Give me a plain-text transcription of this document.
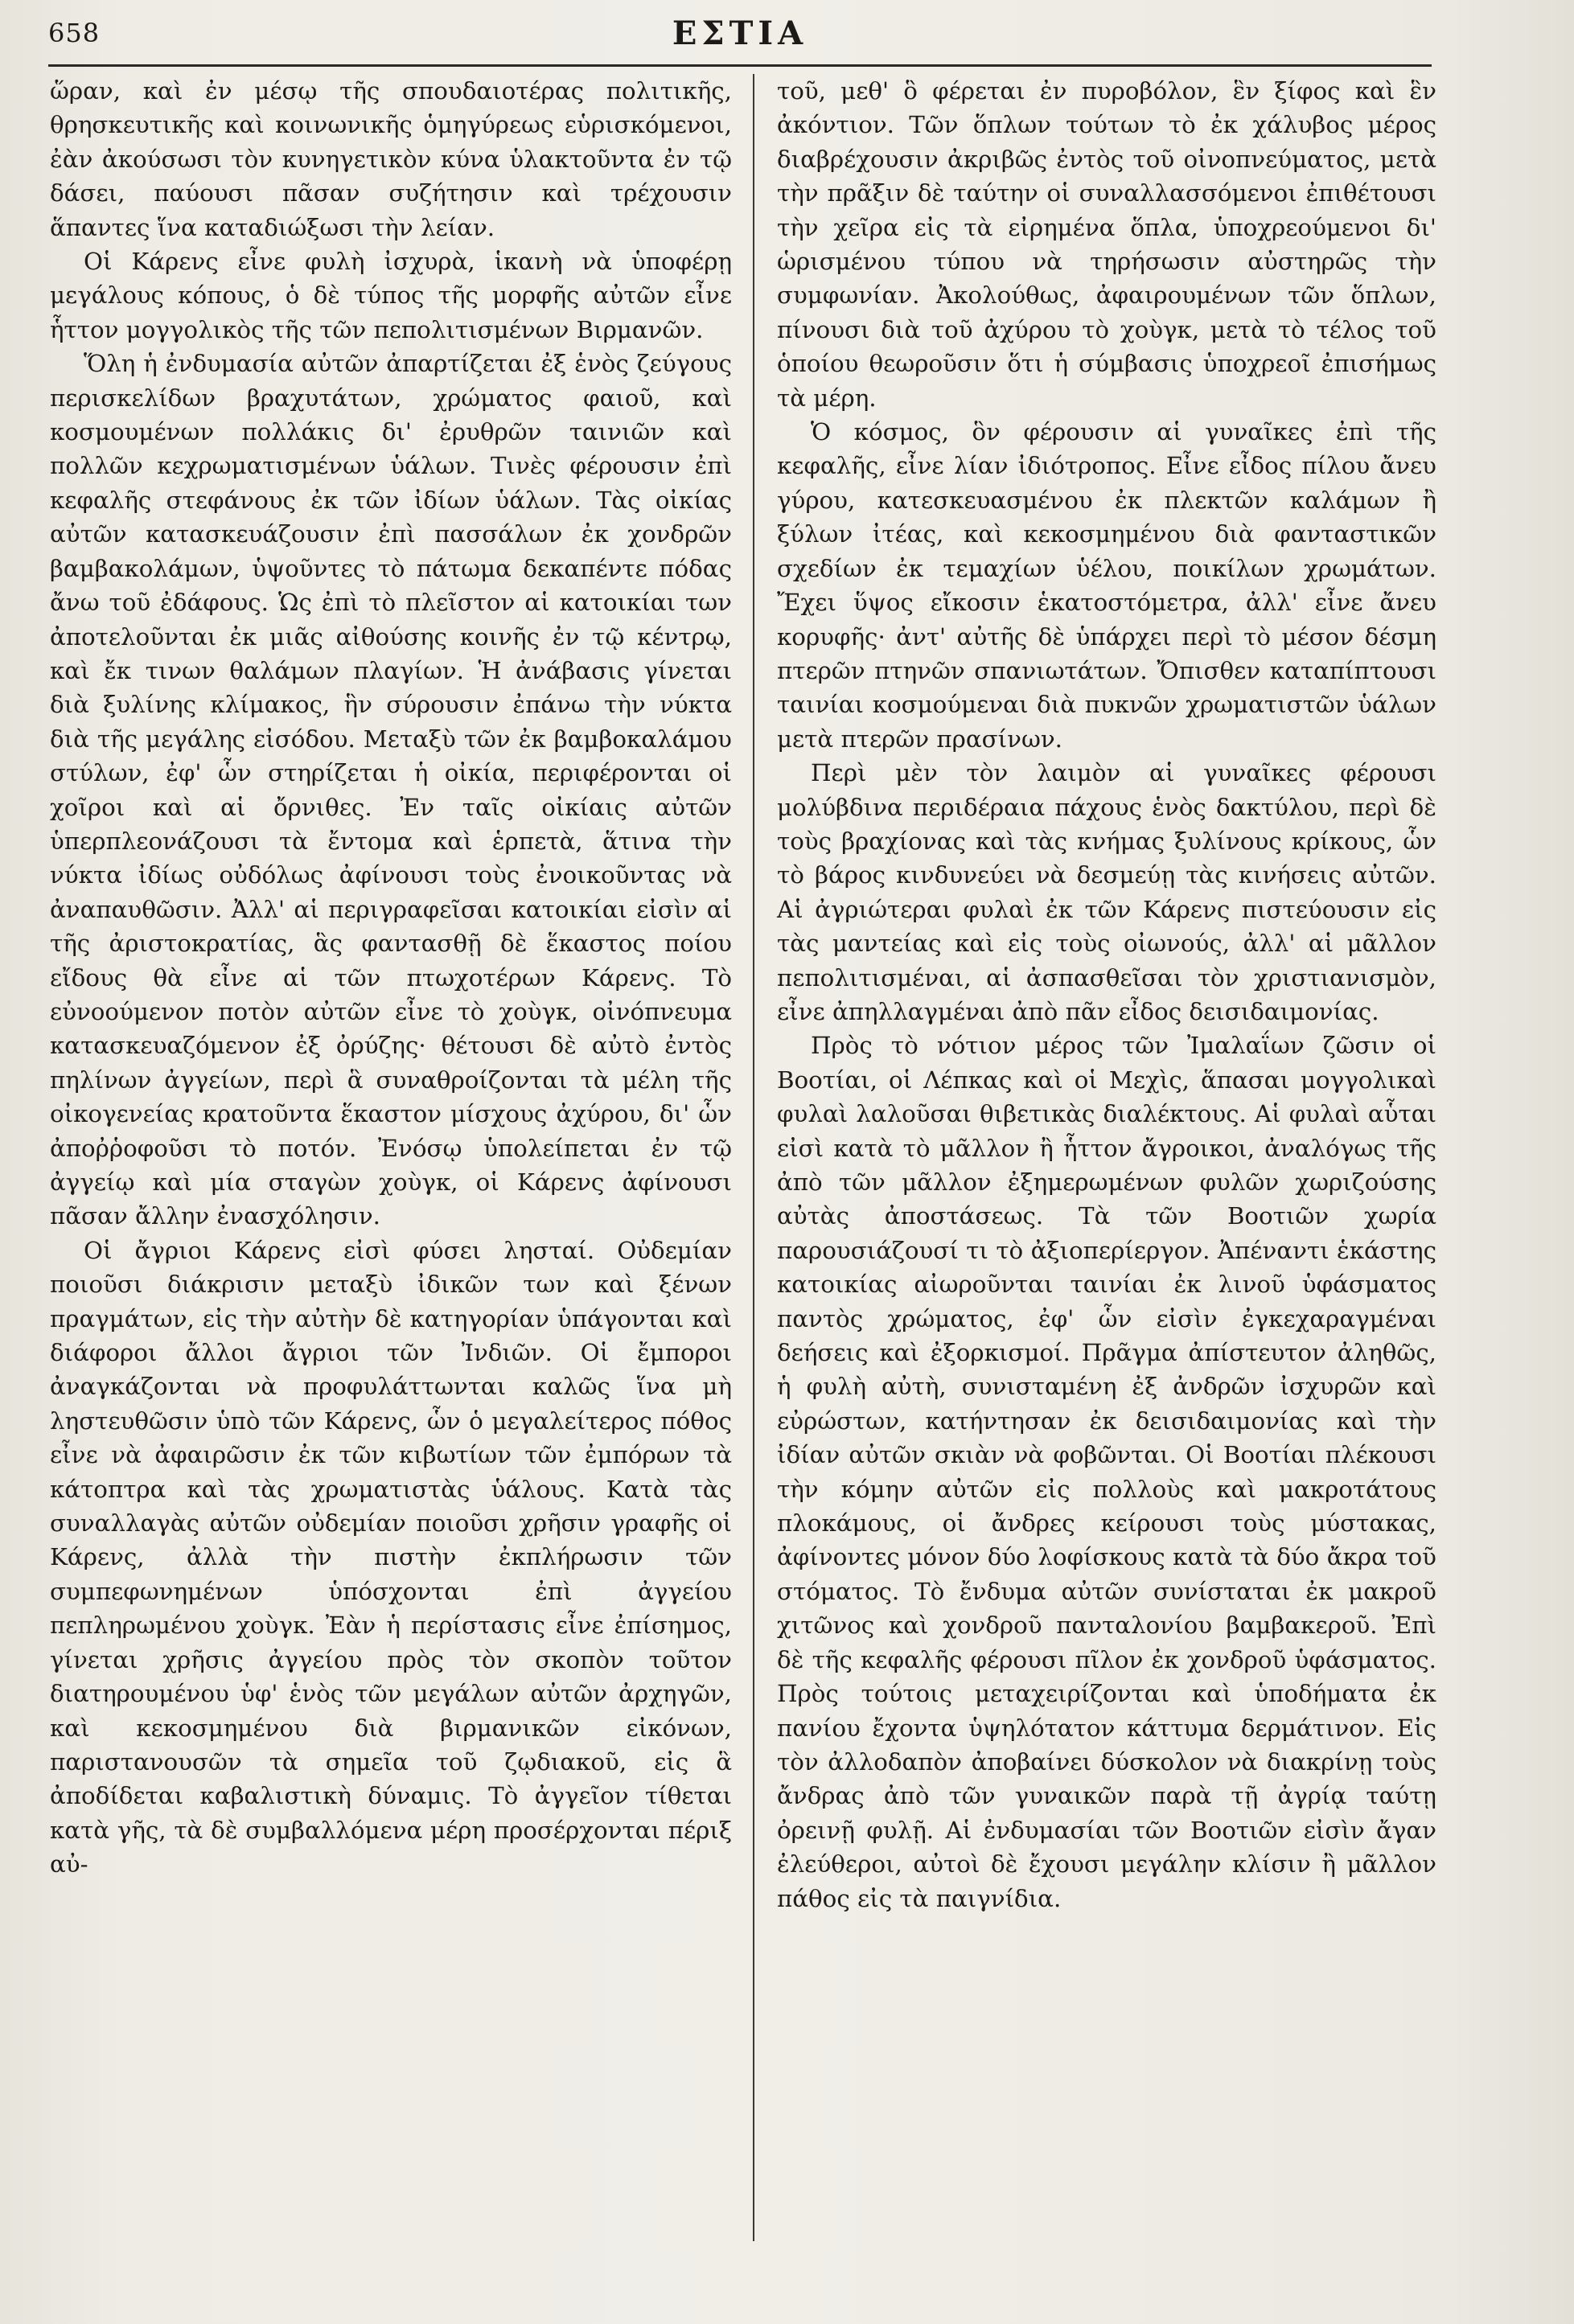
658	ΕΣΤΙΑ

ὥραν, καὶ ἐν μέσῳ τῆς σπουδαιοτέρας πολιτικῆς, θρησκευτικῆς καὶ κοινωνικῆς ὁμηγύρεως εὑρισκόμενοι, ἐὰν ἀκούσωσι τὸν κυνηγετικὸν κύνα ὑλακτοῦντα ἐν τῷ δάσει, παύουσι πᾶσαν συζήτησιν καὶ τρέχουσιν ἅπαντες ἵνα καταδιώξωσι τὴν λείαν.

Οἱ Κάρενς εἶνε φυλὴ ἰσχυρὰ, ἱκανὴ νὰ ὑποφέρῃ μεγάλους κόπους, ὁ δὲ τύπος τῆς μορφῆς αὐτῶν εἶνε ἧττον μογγολικὸς τῆς τῶν πεπολιτισμένων Βιρμανῶν.

Ὅλη ἡ ἐνδυμασία αὐτῶν ἀπαρτίζεται ἐξ ἑνὸς ζεύγους περισκελίδων βραχυτάτων, χρώματος φαιοῦ, καὶ κοσμουμένων πολλάκις δι' ἐρυθρῶν ταινιῶν καὶ πολλῶν κεχρωματισμένων ὑάλων. Τινὲς φέρουσιν ἐπὶ κεφαλῆς στεφάνους ἐκ τῶν ἰδίων ὑάλων. Τὰς οἰκίας αὐτῶν κατασκευάζουσιν ἐπὶ πασσάλων ἐκ χονδρῶν βαμβακολάμων, ὑψοῦντες τὸ πάτωμα δεκαπέντε πόδας ἄνω τοῦ ἐδάφους. Ὡς ἐπὶ τὸ πλεῖστον αἱ κατοικίαι των ἀποτελοῦνται ἐκ μιᾶς αἰθούσης κοινῆς ἐν τῷ κέντρῳ, καὶ ἔκ τινων θαλάμων πλαγίων. Ἡ ἀνάβασις γίνεται διὰ ξυλίνης κλίμακος, ἣν σύρουσιν ἐπάνω τὴν νύκτα διὰ τῆς μεγάλης εἰσόδου. Μεταξὺ τῶν ἐκ βαμβοκαλάμου στύλων, ἐφ' ὧν στηρίζεται ἡ οἰκία, περιφέρονται οἱ χοῖροι καὶ αἱ ὄρνιθες. Ἐν ταῖς οἰκίαις αὐτῶν ὑπερπλεονάζουσι τὰ ἔντομα καὶ ἑρπετὰ, ἅτινα τὴν νύκτα ἰδίως οὐδόλως ἀφίνουσι τοὺς ἐνοικοῦντας νὰ ἀναπαυθῶσιν. Ἀλλ' αἱ περιγραφεῖσαι κατοικίαι εἰσὶν αἱ τῆς ἀριστοκρατίας, ἃς φαντασθῇ δὲ ἕκαστος ποίου εἴδους θὰ εἶνε αἱ τῶν πτωχοτέρων Κάρενς. Τὸ εὐνοούμενον ποτὸν αὐτῶν εἶνε τὸ χοὺγκ, οἰνόπνευμα κατασκευαζόμενον ἐξ ὀρύζης· θέτουσι δὲ αὐτὸ ἐντὸς πηλίνων ἀγγείων, περὶ ἃ συναθροίζονται τὰ μέλη τῆς οἰκογενείας κρατοῦντα ἕκαστον μίσχους ἀχύρου, δι' ὧν ἀποῤῥοφοῦσι τὸ ποτόν. Ἐνόσῳ ὑπολείπεται ἐν τῷ ἀγγείῳ καὶ μία σταγὼν χοὺγκ, οἱ Κάρενς ἀφίνουσι πᾶσαν ἄλλην ἐνασχόλησιν.

Οἱ ἄγριοι Κάρενς εἰσὶ φύσει λησταί. Οὐδεμίαν ποιοῦσι διάκρισιν μεταξὺ ἰδικῶν των καὶ ξένων πραγμάτων, εἰς τὴν αὐτὴν δὲ κατηγορίαν ὑπάγονται καὶ διάφοροι ἄλλοι ἄγριοι τῶν Ἰνδιῶν. Οἱ ἔμποροι ἀναγκάζονται νὰ προφυλάττωνται καλῶς ἵνα μὴ ληστευθῶσιν ὑπὸ τῶν Κάρενς, ὧν ὁ μεγαλείτερος πόθος εἶνε νὰ ἀφαιρῶσιν ἐκ τῶν κιβωτίων τῶν ἐμπόρων τὰ κάτοπτρα καὶ τὰς χρωματιστὰς ὑάλους. Κατὰ τὰς συναλλαγὰς αὐτῶν οὐδεμίαν ποιοῦσι χρῆσιν γραφῆς οἱ Κάρενς, ἀλλὰ τὴν πιστὴν ἐκπλήρωσιν τῶν συμπεφωνημένων ὑπόσχονται ἐπὶ ἀγγείου πεπληρωμένου χοὺγκ. Ἐὰν ἡ περίστασις εἶνε ἐπίσημος, γίνεται χρῆσις ἀγγείου πρὸς τὸν σκοπὸν τοῦτον διατηρουμένου ὑφ' ἑνὸς τῶν μεγάλων αὐτῶν ἀρχηγῶν, καὶ κεκοσμημένου διὰ βιρμανικῶν εἰκόνων, παριστανουσῶν τὰ σημεῖα τοῦ ζῳδιακοῦ, εἰς ἃ ἀποδίδεται καβαλιστικὴ δύναμις. Τὸ ἀγγεῖον τίθεται κατὰ γῆς, τὰ δὲ συμβαλλόμενα μέρη προσέρχονται πέριξ αὐ-

τοῦ, μεθ' ὃ φέρεται ἐν πυροβόλον, ἓν ξίφος καὶ ἓν ἀκόντιον. Τῶν ὅπλων τούτων τὸ ἐκ χάλυβος μέρος διαβρέχουσιν ἀκριβῶς ἐντὸς τοῦ οἰνοπνεύματος, μετὰ τὴν πρᾶξιν δὲ ταύτην οἱ συναλλασσόμενοι ἐπιθέτουσι τὴν χεῖρα εἰς τὰ εἰρημένα ὅπλα, ὑποχρεούμενοι δι' ὡρισμένου τύπου νὰ τηρήσωσιν αὐστηρῶς τὴν συμφωνίαν. Ἀκολούθως, ἀφαιρουμένων τῶν ὅπλων, πίνουσι διὰ τοῦ ἀχύρου τὸ χοὺγκ, μετὰ τὸ τέλος τοῦ ὁποίου θεωροῦσιν ὅτι ἡ σύμβασις ὑποχρεοῖ ἐπισήμως τὰ μέρη.

Ὁ κόσμος, ὃν φέρουσιν αἱ γυναῖκες ἐπὶ τῆς κεφαλῆς, εἶνε λίαν ἰδιότροπος. Εἶνε εἶδος πίλου ἄνευ γύρου, κατεσκευασμένου ἐκ πλεκτῶν καλάμων ἢ ξύλων ἰτέας, καὶ κεκοσμημένου διὰ φανταστικῶν σχεδίων ἐκ τεμαχίων ὑέλου, ποικίλων χρωμάτων. Ἔχει ὕψος εἴκοσιν ἑκατοστόμετρα, ἀλλ' εἶνε ἄνευ κορυφῆς· ἀντ' αὐτῆς δὲ ὑπάρχει περὶ τὸ μέσον δέσμη πτερῶν πτηνῶν σπανιωτάτων. Ὄπισθεν καταπίπτουσι ταινίαι κοσμούμεναι διὰ πυκνῶν χρωματιστῶν ὑάλων μετὰ πτερῶν πρασίνων.

Περὶ μὲν τὸν λαιμὸν αἱ γυναῖκες φέρουσι μολύβδινα περιδέραια πάχους ἑνὸς δακτύλου, περὶ δὲ τοὺς βραχίονας καὶ τὰς κνήμας ξυλίνους κρίκους, ὧν τὸ βάρος κινδυνεύει νὰ δεσμεύῃ τὰς κινήσεις αὐτῶν. Αἱ ἀγριώτεραι φυλαὶ ἐκ τῶν Κάρενς πιστεύουσιν εἰς τὰς μαντείας καὶ εἰς τοὺς οἰωνούς, ἀλλ' αἱ μᾶλλον πεπολιτισμέναι, αἱ ἀσπασθεῖσαι τὸν χριστιανισμὸν, εἶνε ἀπηλλαγμέναι ἀπὸ πᾶν εἶδος δεισιδαιμονίας.

Πρὸς τὸ νότιον μέρος τῶν Ἰμαλαΐων ζῶσιν οἱ Βοοτίαι, οἱ Λέπκας καὶ οἱ Μεχὶς, ἅπασαι μογγολικαὶ φυλαὶ λαλοῦσαι θιβετικὰς διαλέκτους. Αἱ φυλαὶ αὗται εἰσὶ κατὰ τὸ μᾶλλον ἢ ἧττον ἄγροικοι, ἀναλόγως τῆς ἀπὸ τῶν μᾶλλον ἐξημερωμένων φυλῶν χωριζούσης αὐτὰς ἀποστάσεως. Τὰ τῶν Βοοτιῶν χωρία παρουσιάζουσί τι τὸ ἀξιοπερίεργον. Ἀπέναντι ἑκάστης κατοικίας αἰωροῦνται ταινίαι ἐκ λινοῦ ὑφάσματος παντὸς χρώματος, ἐφ' ὧν εἰσὶν ἐγκεχαραγμέναι δεήσεις καὶ ἐξορκισμοί. Πρᾶγμα ἀπίστευτον ἀληθῶς, ἡ φυλὴ αὐτὴ, συνισταμένη ἐξ ἀνδρῶν ἰσχυρῶν καὶ εὐρώστων, κατήντησαν ἐκ δεισιδαιμονίας καὶ τὴν ἰδίαν αὐτῶν σκιὰν νὰ φοβῶνται. Οἱ Βοοτίαι πλέκουσι τὴν κόμην αὐτῶν εἰς πολλοὺς καὶ μακροτάτους πλοκάμους, οἱ ἄνδρες κείρουσι τοὺς μύστακας, ἀφίνοντες μόνον δύο λοφίσκους κατὰ τὰ δύο ἄκρα τοῦ στόματος. Τὸ ἔνδυμα αὐτῶν συνίσταται ἐκ μακροῦ χιτῶνος καὶ χονδροῦ πανταλονίου βαμβακεροῦ. Ἐπὶ δὲ τῆς κεφαλῆς φέρουσι πῖλον ἐκ χονδροῦ ὑφάσματος. Πρὸς τούτοις μεταχειρίζονται καὶ ὑποδήματα ἐκ πανίου ἔχοντα ὑψηλότατον κάττυμα δερμάτινον. Εἰς τὸν ἀλλοδαπὸν ἀποβαίνει δύσκολον νὰ διακρίνῃ τοὺς ἄνδρας ἀπὸ τῶν γυναικῶν παρὰ τῇ ἀγρίᾳ ταύτῃ ὀρεινῇ φυλῇ. Αἱ ἐνδυμασίαι τῶν Βοοτιῶν εἰσὶν ἄγαν ἐλεύθεροι, αὐτοὶ δὲ ἔχουσι μεγάλην κλίσιν ἢ μᾶλλον πάθος εἰς τὰ παιγνίδια.
